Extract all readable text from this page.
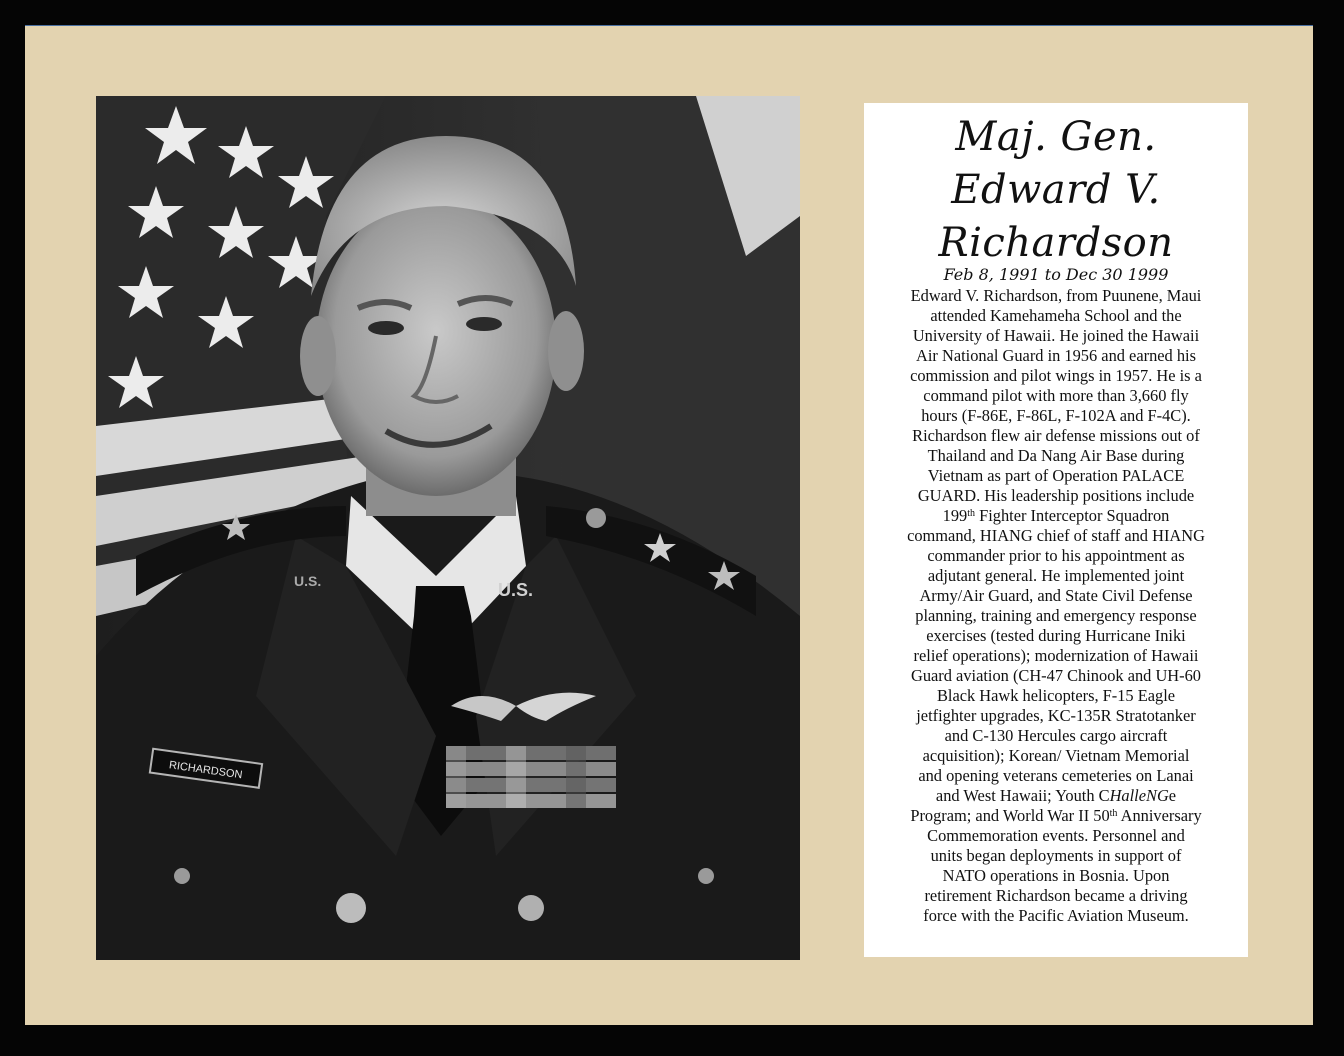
U.S.
U.S.
RICHARDSON
Maj. Gen.
Edward V.
Richardson
Feb 8, 1991 to Dec 30 1999
Edward V. Richardson, from Puunene, Maui
attended Kamehameha School and the
University of Hawaii. He joined the Hawaii
Air National Guard in 1956 and earned his
commission and pilot wings in 1957. He is a
command pilot with more than 3,660 fly
hours (F-86E, F-86L, F-102A and F-4C).
Richardson flew air defense missions out of
Thailand and Da Nang Air Base during
Vietnam as part of Operation PALACE
GUARD. His leadership positions include
199th Fighter Interceptor Squadron
command, HIANG chief of staff and HIANG
commander prior to his appointment as
adjutant general. He implemented joint
Army/Air Guard, and State Civil Defense
planning, training and emergency response
exercises (tested during Hurricane Iniki
relief operations); modernization of Hawaii
Guard aviation (CH-47 Chinook and UH-60
Black Hawk helicopters, F-15 Eagle
jetfighter upgrades, KC-135R Stratotanker
and C-130 Hercules cargo aircraft
acquisition); Korean/ Vietnam Memorial
and opening veterans cemeteries on Lanai
and West Hawaii; Youth CHalleNGe
Program; and World War II 50th Anniversary
Commemoration events. Personnel and
units began deployments in support of
NATO operations in Bosnia. Upon
retirement Richardson became a driving
force with the Pacific Aviation Museum.
